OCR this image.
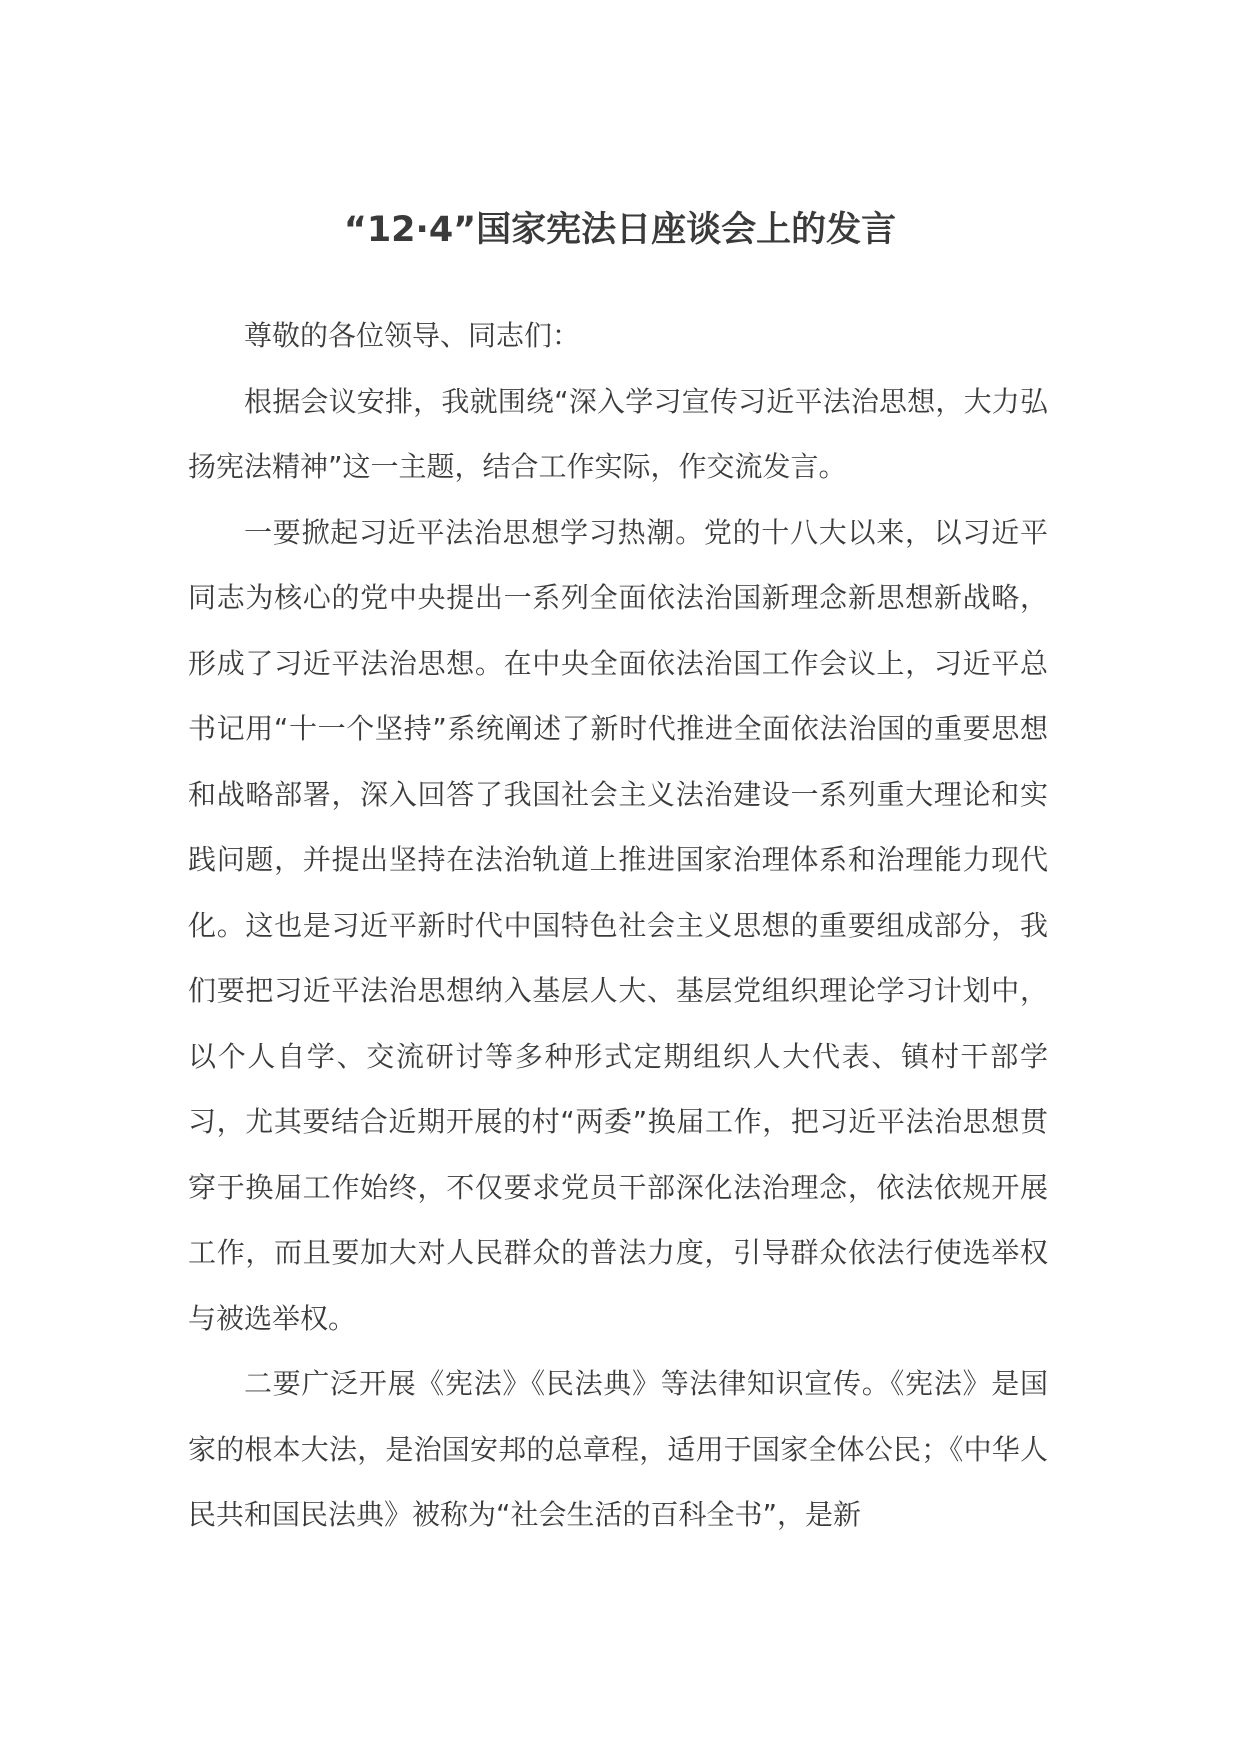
“12·4”国家宪法日座谈会上的发言

尊敬的各位领导、同志们：

根据会议安排，我就围绕“深入学习宣传习近平法治思想，大力弘扬宪法精神”这一主题，结合工作实际，作交流发言。

一要掀起习近平法治思想学习热潮。党的十八大以来，以习近平同志为核心的党中央提出一系列全面依法治国新理念新思想新战略，形成了习近平法治思想。在中央全面依法治国工作会议上，习近平总书记用“十一个坚持”系统阐述了新时代推进全面依法治国的重要思想和战略部署，深入回答了我国社会主义法治建设一系列重大理论和实践问题，并提出坚持在法治轨道上推进国家治理体系和治理能力现代化。这也是习近平新时代中国特色社会主义思想的重要组成部分，我们要把习近平法治思想纳入基层人大、基层党组织理论学习计划中，以个人自学、交流研讨等多种形式定期组织人大代表、镇村干部学习，尤其要结合近期开展的村“两委”换届工作，把习近平法治思想贯穿于换届工作始终，不仅要求党员干部深化法治理念，依法依规开展工作，而且要加大对人民群众的普法力度，引导群众依法行使选举权与被选举权。

二要广泛开展《宪法》《民法典》等法律知识宣传。《宪法》是国家的根本大法，是治国安邦的总章程，适用于国家全体公民；《中华人民共和国民法典》被称为“社会生活的百科全书”，是新
